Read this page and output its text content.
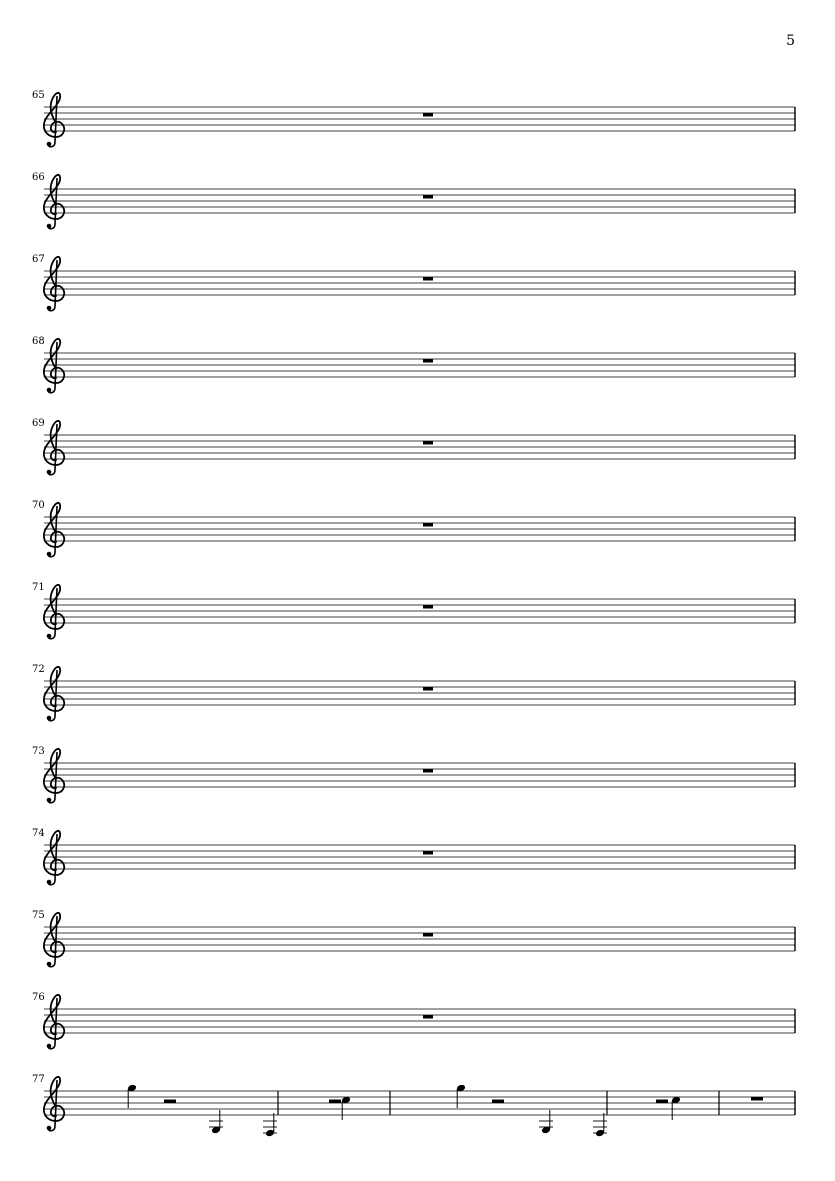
5
65
66
67
68
69
70
71
72
73
74
75
76
77
